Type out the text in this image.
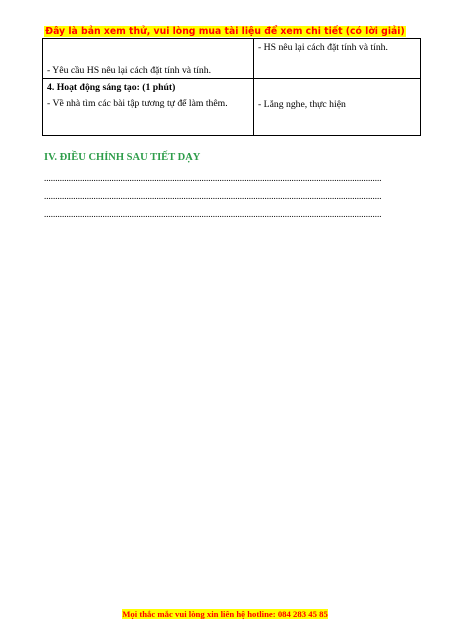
Đây là bản xem thử, vui lòng mua tài liệu để xem chi tiết (có lời giải)
- Yêu cầu HS nêu lại cách đặt tính và tính.	- HS nêu lại cách đặt tính và tính.

4. Hoạt động sáng tạo: (1 phút)
- Về nhà tìm các bài tập tương tự để làm thêm.	- Lắng nghe, thực hiện
IV. ĐIỀU CHỈNH SAU TIẾT DẠY
......................................................................................................................................................
......................................................................................................................................................
......................................................................................................................................................
Mọi thắc mắc vui lòng xin liên hệ hotline: 084 283 45 85
